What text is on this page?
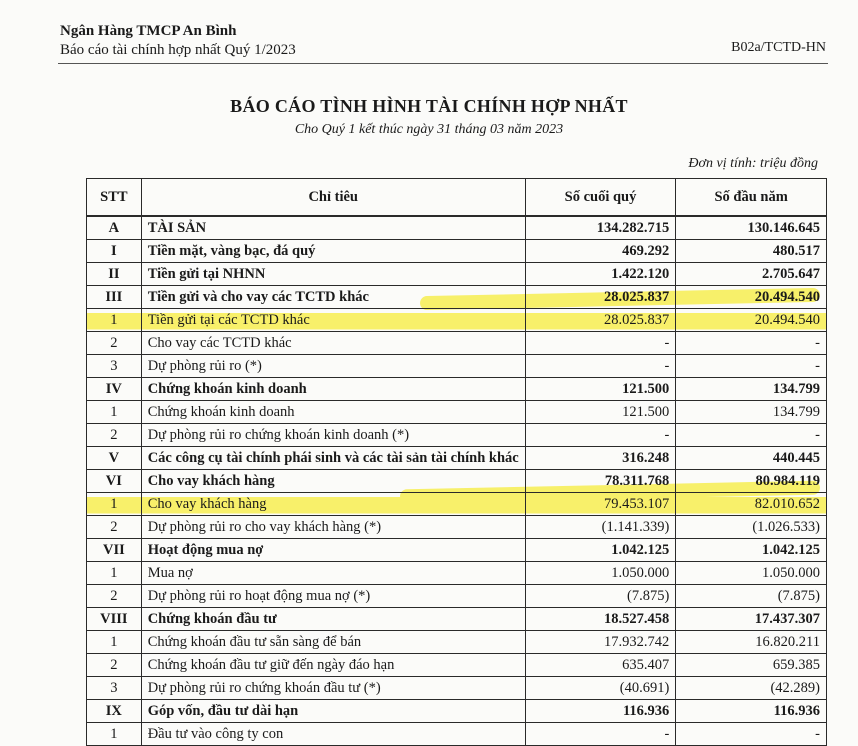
Ngân Hàng TMCP An Bình
Báo cáo tài chính hợp nhất Quý 1/2023	B02a/TCTD-HN
BÁO CÁO TÌNH HÌNH TÀI CHÍNH HỢP NHẤT
Cho Quý 1 kết thúc ngày 31 tháng 03 năm 2023
Đơn vị tính: triệu đồng
STT	Chỉ tiêu	Số cuối quý	Số đầu năm
A	TÀI SẢN	134.282.715	130.146.645
I	Tiền mặt, vàng bạc, đá quý	469.292	480.517
II	Tiền gửi tại NHNN	1.422.120	2.705.647
III	Tiền gửi và cho vay các TCTD khác	28.025.837	20.494.540
1	Tiền gửi tại các TCTD khác	28.025.837	20.494.540
2	Cho vay các TCTD khác	-	-
3	Dự phòng rủi ro (*)	-	-
IV	Chứng khoán kinh doanh	121.500	134.799
1	Chứng khoán kinh doanh	121.500	134.799
2	Dự phòng rủi ro chứng khoán kinh doanh (*)	-	-
V	Các công cụ tài chính phái sinh và các tài sản tài chính khác	316.248	440.445
VI	Cho vay khách hàng	78.311.768	80.984.119
1	Cho vay khách hàng	79.453.107	82.010.652
2	Dự phòng rủi ro cho vay khách hàng (*)	(1.141.339)	(1.026.533)
VII	Hoạt động mua nợ	1.042.125	1.042.125
1	Mua nợ	1.050.000	1.050.000
2	Dự phòng rủi ro hoạt động mua nợ (*)	(7.875)	(7.875)
VIII	Chứng khoán đầu tư	18.527.458	17.437.307
1	Chứng khoán đầu tư sẵn sàng để bán	17.932.742	16.820.211
2	Chứng khoán đầu tư giữ đến ngày đáo hạn	635.407	659.385
3	Dự phòng rủi ro chứng khoán đầu tư (*)	(40.691)	(42.289)
IX	Góp vốn, đầu tư dài hạn	116.936	116.936
1	Đầu tư vào công ty con	-	-
